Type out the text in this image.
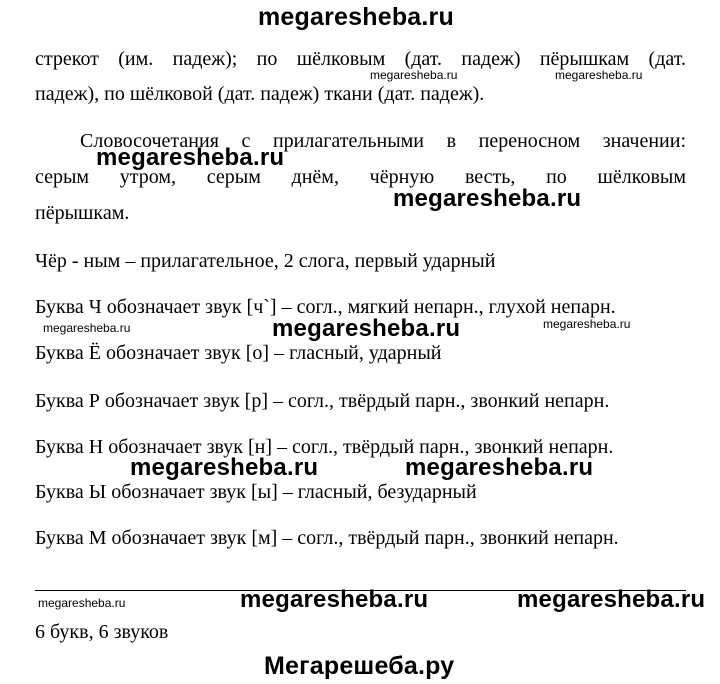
megaresheba.ru
стрекот (им. падеж); по шёлковым (дат. падеж) пёрышкам (дат.
megaresheba.ru	megaresheba.ru
падеж), по шёлковой (дат. падеж) ткани (дат. падеж).
Словосочетания с прилагательными в переносном значении:
megaresheba.ru
серым утром, серым днём, чёрную весть, по шёлковым
megaresheba.ru
пёрышкам.
Чёр - ным – прилагательное, 2 слога, первый ударный
Буква Ч обозначает звук [ч`] – согл., мягкий непарн., глухой непарн.
megaresheba.ru	megaresheba.ru	megaresheba.ru
Буква Ё обозначает звук [о] – гласный, ударный
Буква Р обозначает звук [р] – согл., твёрдый парн., звонкий непарн.
Буква Н обозначает звук [н] – согл., твёрдый парн., звонкий непарн.
megaresheba.ru	megaresheba.ru
Буква Ы обозначает звук [ы] – гласный, безударный
Буква М обозначает звук [м] – согл., твёрдый парн., звонкий непарн.
megaresheba.ru	megaresheba.ru	megaresheba.ru
6 букв, 6 звуков
Мегарешеба.ру
